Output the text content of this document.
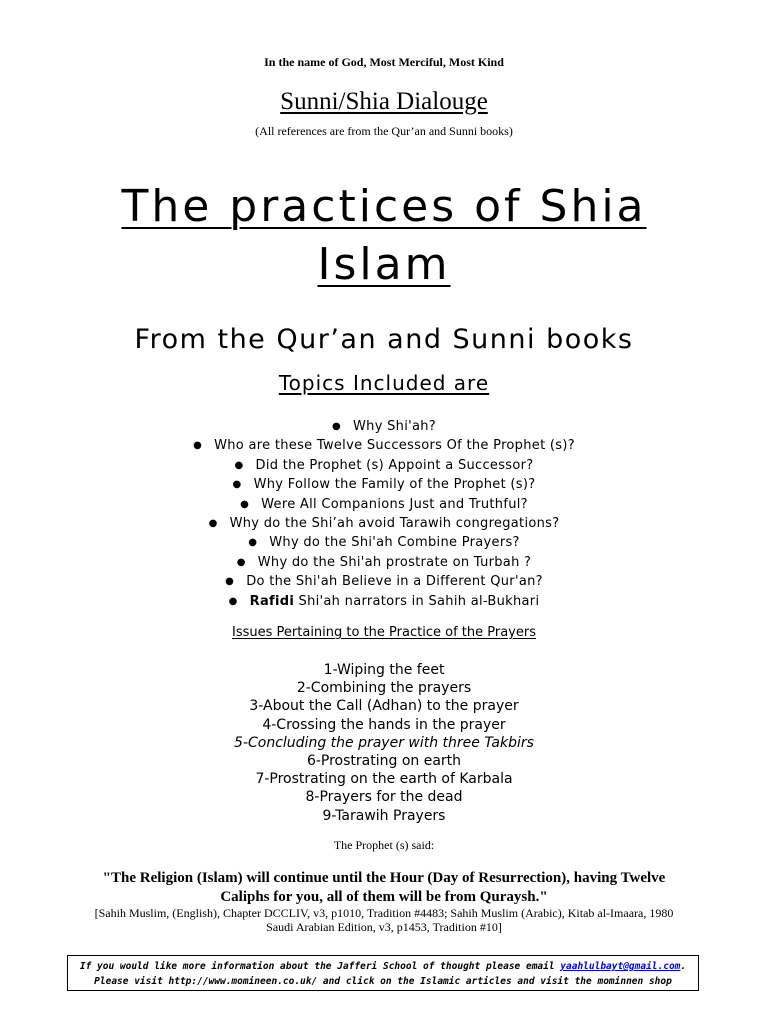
In the name of God, Most Merciful, Most Kind
Sunni/Shia Dialouge
(All references are from the Qur’an and Sunni books)
The practices of Shia
Islam
From the Qur’an and Sunni books
Topics Included are
● Why Shi'ah?
● Who are these Twelve Successors Of the Prophet (s)?
● Did the Prophet (s) Appoint a Successor?
● Why Follow the Family of the Prophet (s)?
● Were All Companions Just and Truthful?
● Why do the Shi’ah avoid Tarawih congregations?
● Why do the Shi'ah Combine Prayers?
● Why do the Shi'ah prostrate on Turbah ?
● Do the Shi'ah Believe in a Different Qur'an?
● Rafidi Shi'ah narrators in Sahih al-Bukhari
Issues Pertaining to the Practice of the Prayers
1-Wiping the feet
2-Combining the prayers
3-About the Call (Adhan) to the prayer
4-Crossing the hands in the prayer
5-Concluding the prayer with three Takbirs
6-Prostrating on earth
7-Prostrating on the earth of Karbala
8-Prayers for the dead
9-Tarawih Prayers
The Prophet (s) said:
"The Religion (Islam) will continue until the Hour (Day of Resurrection), having Twelve Caliphs for you, all of them will be from Quraysh."
[Sahih Muslim, (English), Chapter DCCLIV, v3, p1010, Tradition #4483; Sahih Muslim (Arabic), Kitab al-Imaara, 1980 Saudi Arabian Edition, v3, p1453, Tradition #10]
If you would like more information about the Jafferi School of thought please email yaahlulbayt@gmail.com.
Please visit http://www.momineen.co.uk/ and click on the Islamic articles and visit the mominnen shop
